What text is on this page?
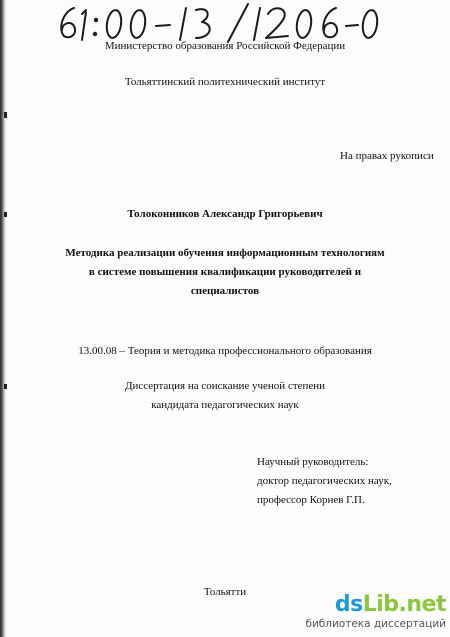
Министерство образования Российской Федерации
Тольяттинский политехнический институт
На правах рукописи
Толоконников Александр Григорьевич
Методика реализации обучения информационным технологиям
в системе повышения квалификации руководителей и
специалистов
13.00.08 – Теория и методика профессионального образования
Диссертация на соискание ученой степени
кандидата педагогических наук
Научный руководитель:
доктор педагогических наук,
профессор Корнев Г.П.
Тольятти	dsLib.net
библиотека диссертаций
